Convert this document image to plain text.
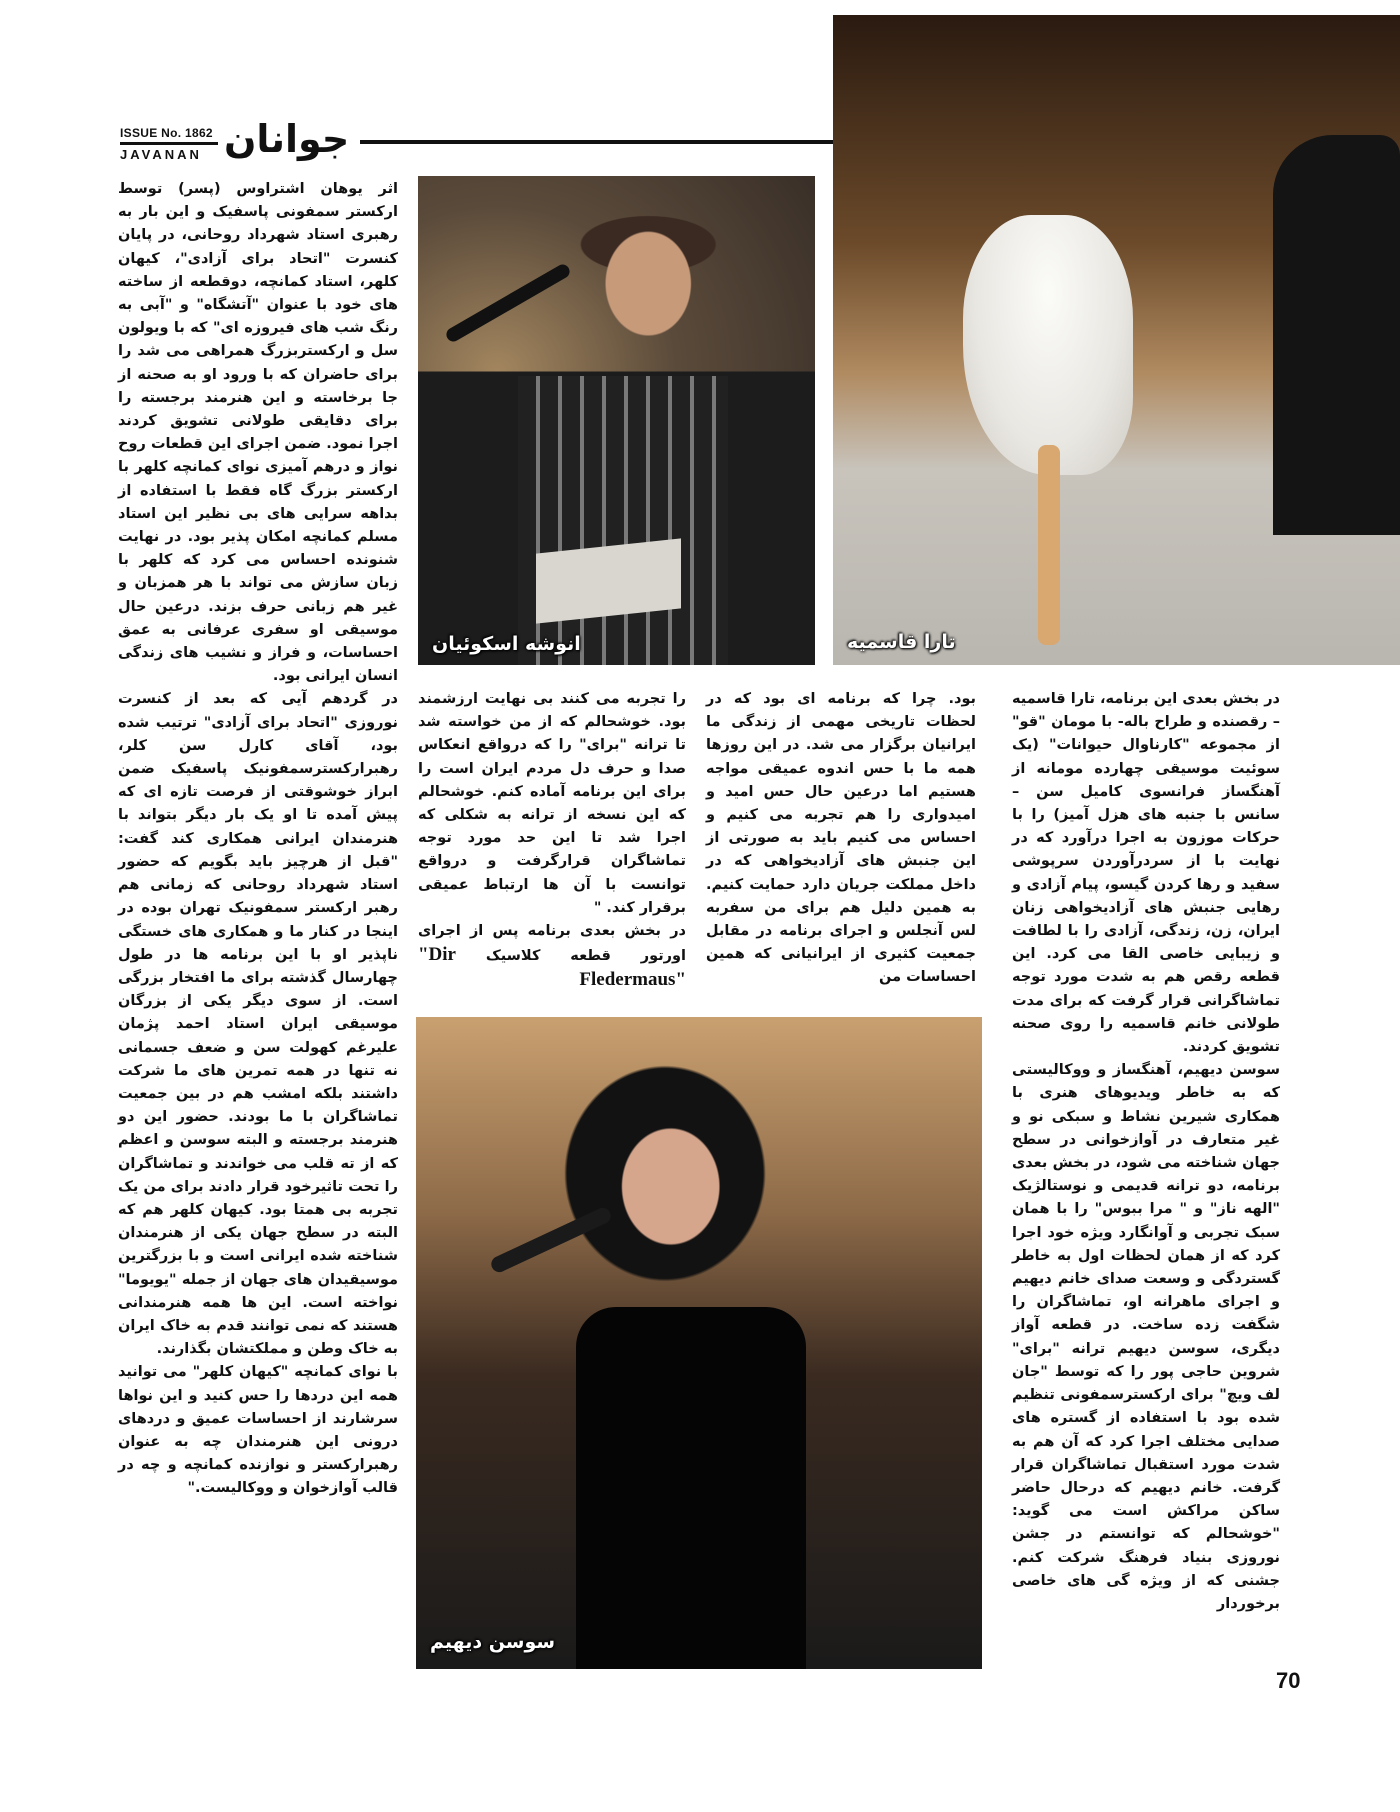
ISSUE No. 1862
JAVANAN جوانان
تارا قاسمیه
انوشه اسکوئیان
سوسن دیهیم

اثر یوهان اشتراوس (پسر) توسط ارکستر سمفونی پاسفیک و این بار به رهبری استاد شهرداد روحانی، در پایان کنسرت "اتحاد برای آزادی"، کیهان کلهر، استاد کمانچه، دوقطعه از ساخته های خود با عنوان "آتشگاه" و "آبی به رنگ شب های فیروزه ای" که با ویولون سل و ارکستربزرگ همراهی می شد را برای حاضران که با ورود او به صحنه از جا برخاسته و این هنرمند برجسته را برای دقایقی طولانی تشویق کردند اجرا نمود. ضمن اجرای این قطعات روح نواز و درهم آمیزی نوای کمانچه کلهر با ارکستر بزرگ گاه فقط با استفاده از بداهه سرایی های بی نظیر این استاد مسلم کمانچه امکان پذیر بود. در نهایت شنونده احساس می کرد که کلهر با زبان سازش می تواند با هر همزبان و غیر هم زبانی حرف بزند. درعین حال موسیقی او سفری عرفانی به عمق احساسات، و فراز و نشیب های زندگی انسان ایرانی بود.

در گردهم آیی که بعد از کنسرت نوروزی "اتحاد برای آزادی" ترتیب شده بود، آقای کارل سن کلر، رهبرارکسترسمفونیک پاسفیک ضمن ابراز خوشوقتی از فرصت تازه ای که پیش آمده تا او یک بار دیگر بتواند با هنرمندان ایرانی همکاری کند گفت: "قبل از هرچیز باید بگویم که حضور استاد شهرداد روحانی که زمانی هم رهبر ارکستر سمفونیک تهران بوده در اینجا در کنار ما و همکاری های خستگی ناپذیر او با این برنامه ها در طول چهارسال گذشته برای ما افتخار بزرگی است. از سوی دیگر یکی از بزرگان موسیقی ایران استاد احمد پژمان علیرغم کهولت سن و ضعف جسمانی نه تنها در همه تمرین های ما شرکت داشتند بلکه امشب هم در بین جمعیت تماشاگران با ما بودند. حضور این دو هنرمند برجسته و البته سوسن و اعظم که از ته قلب می خواندند و تماشاگران را تحت تاثیرخود قرار دادند برای من یک تجربه بی همتا بود. کیهان کلهر هم که البته در سطح جهان یکی از هنرمندان شناخته شده ایرانی است و با بزرگترین موسیقیدان های جهان از جمله "یویوما" نواخته است. این ها همه هنرمندانی هستند که نمی توانند قدم به خاک ایران به خاک وطن و مملکتشان بگذارند.

با نوای کمانچه "کیهان کلهر" می توانید همه این دردها را حس کنید و این نواها سرشارند از احساسات عمیق و دردهای درونی این هنرمندان چه به عنوان رهبرارکستر و نوازنده کمانچه و چه در قالب آوازخوان و ووکالیست."

را تجربه می کنند بی نهایت ارزشمند بود. خوشحالم که از من خواسته شد تا ترانه "برای" را که درواقع انعکاس صدا و حرف دل مردم ایران است را برای این برنامه آماده کنم. خوشحالم که این نسخه از ترانه به شکلی که اجرا شد تا این حد مورد توجه تماشاگران قرارگرفت و درواقع توانست با آن ها ارتباط عمیقی برقرار کند. "

در بخش بعدی برنامه پس از اجرای اورتور قطعه کلاسیک "Dir Fledermaus"

بود. چرا که برنامه ای بود که در لحظات تاریخی مهمی از زندگی ما ایرانیان برگزار می شد. در این روزها همه ما با حس اندوه عمیقی مواجه هستیم اما درعین حال حس امید و امیدواری را هم تجربه می کنیم و احساس می کنیم باید به صورتی از این جنبش های آزادیخواهی که در داخل مملکت جریان دارد حمایت کنیم. به همین دلیل هم برای من سفربه لس آنجلس و اجرای برنامه در مقابل جمعیت کثیری از ایرانیانی که همین احساسات من

در بخش بعدی این برنامه، تارا قاسمیه – رقصنده و طراح باله- با مومان "قو" از مجموعه "کارناوال حیوانات" (یک سوئیت موسیقی چهارده مومانه از آهنگساز فرانسوی کامیل سن – سانس با جنبه های هزل آمیز) را با حرکات موزون به اجرا درآورد که در نهایت با از سردرآوردن سرپوشی سفید و رها کردن گیسو، پیام آزادی و رهایی جنبش های آزادیخواهی زنان ایران، زن، زندگی، آزادی را با لطافت و زیبایی خاصی القا می کرد. این قطعه رقص هم به شدت مورد توجه تماشاگرانی قرار گرفت که برای مدت طولانی خانم قاسمیه را روی صحنه تشویق کردند.

سوسن دیهیم، آهنگساز و ووکالیستی که به خاطر ویدیوهای هنری با همکاری شیرین نشاط و سبکی نو و غیر متعارف در آوازخوانی در سطح جهان شناخته می شود، در بخش بعدی برنامه، دو ترانه قدیمی و نوستالژیک "الهه ناز" و " مرا ببوس" را با همان سبک تجربی و آوانگارد ویژه خود اجرا کرد که از همان لحظات اول به خاطر گستردگی و وسعت صدای خانم دیهیم و اجرای ماهرانه او، تماشاگران را شگفت زده ساخت. در قطعه آواز دیگری، سوسن دیهیم ترانه "برای" شروین حاجی پور را که توسط "جان لف ویچ" برای ارکسترسمفونی تنظیم شده بود با استفاده از گستره های صدایی مختلف اجرا کرد که آن هم به شدت مورد استقبال تماشاگران قرار گرفت. خانم دیهیم که درحال حاضر ساکن مراکش است می گوید: "خوشحالم که توانستم در جشن نوروزی بنیاد فرهنگ شرکت کنم. جشنی که از ویژه گی های خاصی برخوردار

70
